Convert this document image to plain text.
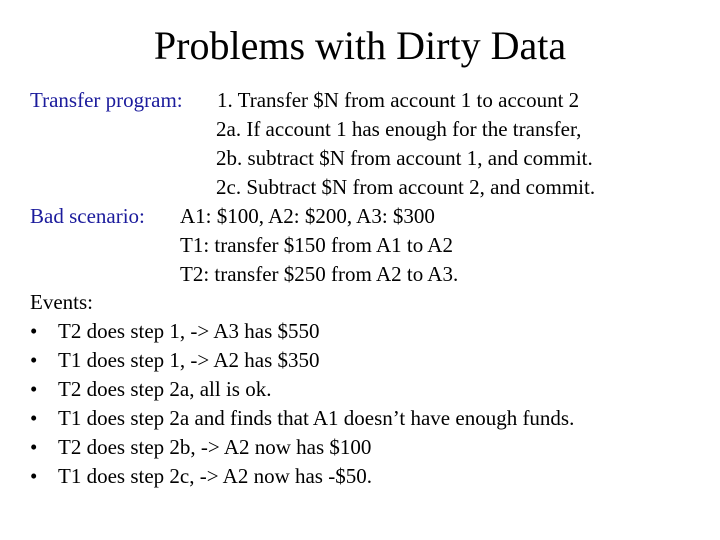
Problems with Dirty Data
Transfer program: 1. Transfer $N from account 1 to account 2
2a. If account 1 has enough for the transfer,
2b. subtract $N from account 1, and commit.
2c. Subtract $N from account 2, and commit.
Bad scenario: A1: $100, A2: $200, A3: $300
T1: transfer $150 from A1 to A2
T2: transfer $250 from A2 to A3.
Events:
• T2 does step 1, -> A3 has $550
• T1 does step 1, -> A2 has $350
• T2 does step 2a, all is ok.
• T1 does step 2a and finds that A1 doesn’t have enough funds.
• T2 does step 2b, -> A2 now has $100
• T1 does step 2c, -> A2 now has -$50.
